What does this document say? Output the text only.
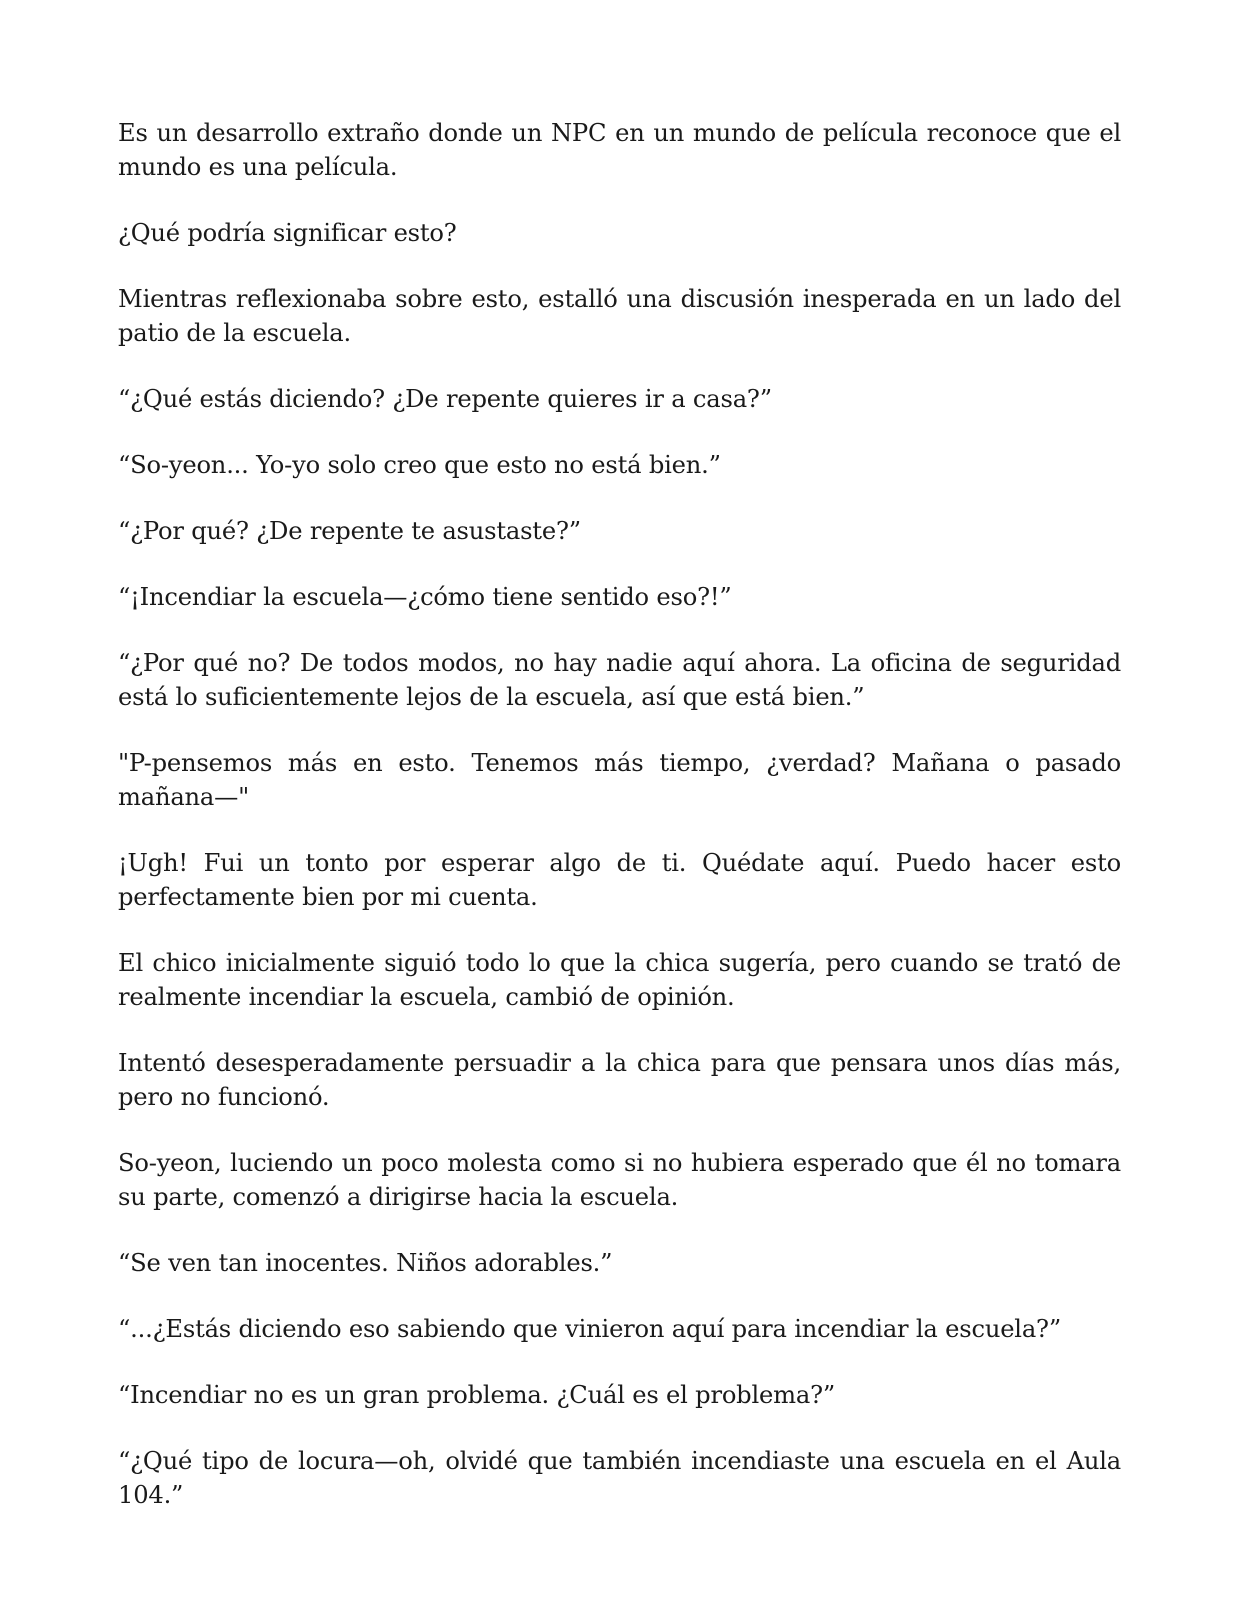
Es un desarrollo extraño donde un NPC en un mundo de película reconoce que el mundo es una película.

¿Qué podría significar esto?

Mientras reflexionaba sobre esto, estalló una discusión inesperada en un lado del patio de la escuela.

“¿Qué estás diciendo? ¿De repente quieres ir a casa?”

“So-yeon... Yo-yo solo creo que esto no está bien.”

“¿Por qué? ¿De repente te asustaste?”

“¡Incendiar la escuela—¿cómo tiene sentido eso?!”

“¿Por qué no? De todos modos, no hay nadie aquí ahora. La oficina de seguridad está lo suficientemente lejos de la escuela, así que está bien.”

"P-pensemos más en esto. Tenemos más tiempo, ¿verdad? Mañana o pasado mañana—"

¡Ugh! Fui un tonto por esperar algo de ti. Quédate aquí. Puedo hacer esto perfectamente bien por mi cuenta.

El chico inicialmente siguió todo lo que la chica sugería, pero cuando se trató de realmente incendiar la escuela, cambió de opinión.

Intentó desesperadamente persuadir a la chica para que pensara unos días más, pero no funcionó.

So-yeon, luciendo un poco molesta como si no hubiera esperado que él no tomara su parte, comenzó a dirigirse hacia la escuela.

“Se ven tan inocentes. Niños adorables.”

“...¿Estás diciendo eso sabiendo que vinieron aquí para incendiar la escuela?”

“Incendiar no es un gran problema. ¿Cuál es el problema?”

“¿Qué tipo de locura—oh, olvidé que también incendiaste una escuela en el Aula 104.”
